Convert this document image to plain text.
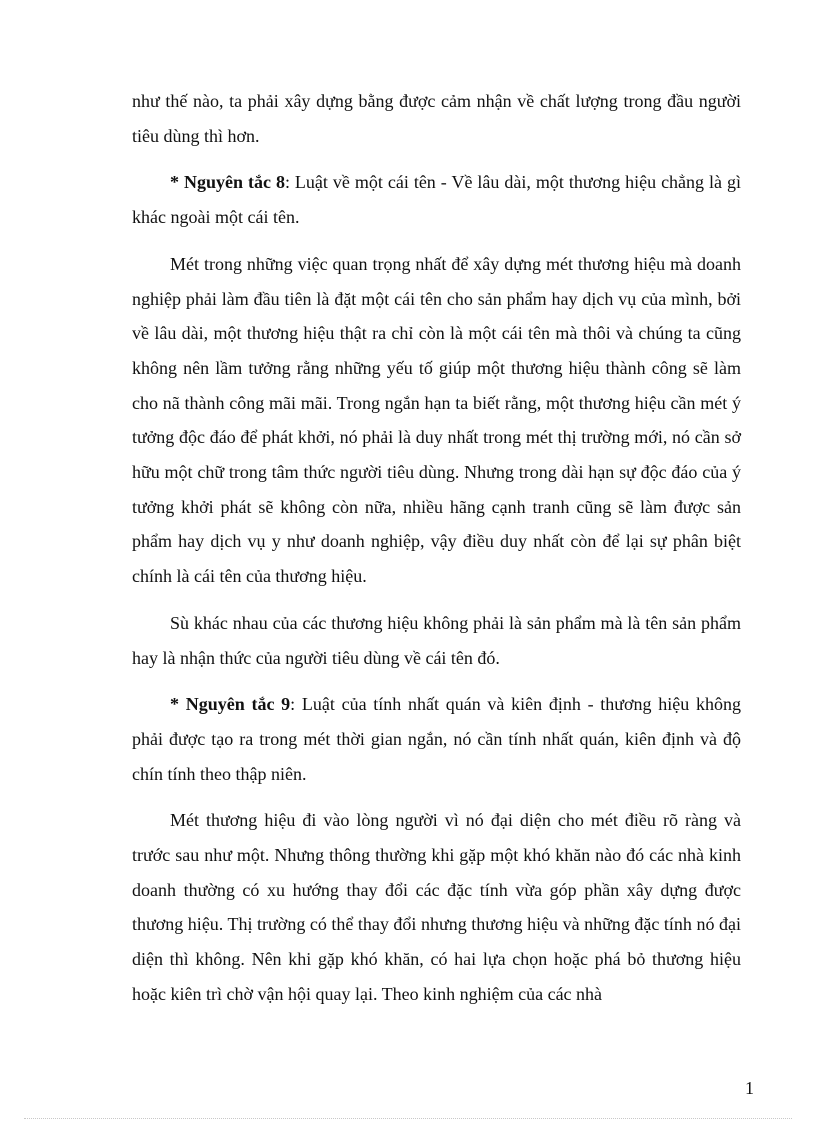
như thế nào, ta phải xây dựng bằng được cảm nhận về chất lượng trong đầu người tiêu dùng thì hơn.

* Nguyên tắc 8: Luật về một cái tên - Về lâu dài, một thương hiệu chẳng là gì khác ngoài một cái tên.

Mét trong những việc quan trọng nhất để xây dựng mét thương hiệu mà doanh nghiệp phải làm đầu tiên là đặt một cái tên cho sản phẩm hay dịch vụ của mình, bởi về lâu dài, một thương hiệu thật ra chỉ còn là một cái tên mà thôi và chúng ta cũng không nên lầm tưởng rằng những yếu tố giúp một thương hiệu thành công sẽ làm cho nã thành công mãi mãi. Trong ngắn hạn ta biết rằng, một thương hiệu cần mét ý tưởng độc đáo để phát khởi, nó phải là duy nhất trong mét thị trường mới, nó cần sở hữu một chữ trong tâm thức người tiêu dùng. Nhưng trong dài hạn sự độc đáo của ý tưởng khởi phát sẽ không còn nữa, nhiều hãng cạnh tranh cũng sẽ làm được sản phẩm hay dịch vụ y như doanh nghiệp, vậy điều duy nhất còn để lại sự phân biệt chính là cái tên của thương hiệu.

Sù khác nhau của các thương hiệu không phải là sản phẩm mà là tên sản phẩm hay là nhận thức của người tiêu dùng về cái tên đó.

* Nguyên tắc 9: Luật của tính nhất quán và kiên định - thương hiệu không phải được tạo ra trong mét thời gian ngắn, nó cần tính nhất quán, kiên định và độ chín tính theo thập niên.

Mét thương hiệu đi vào lòng người vì nó đại diện cho mét điều rõ ràng và trước sau như một. Nhưng thông thường khi gặp một khó khăn nào đó các nhà kinh doanh thường có xu hướng thay đổi các đặc tính vừa góp phần xây dựng được thương hiệu. Thị trường có thể thay đổi nhưng thương hiệu và những đặc tính nó đại diện thì không. Nên khi gặp khó khăn, có hai lựa chọn hoặc phá bỏ thương hiệu hoặc kiên trì chờ vận hội quay lại. Theo kinh nghiệm của các nhà

1
